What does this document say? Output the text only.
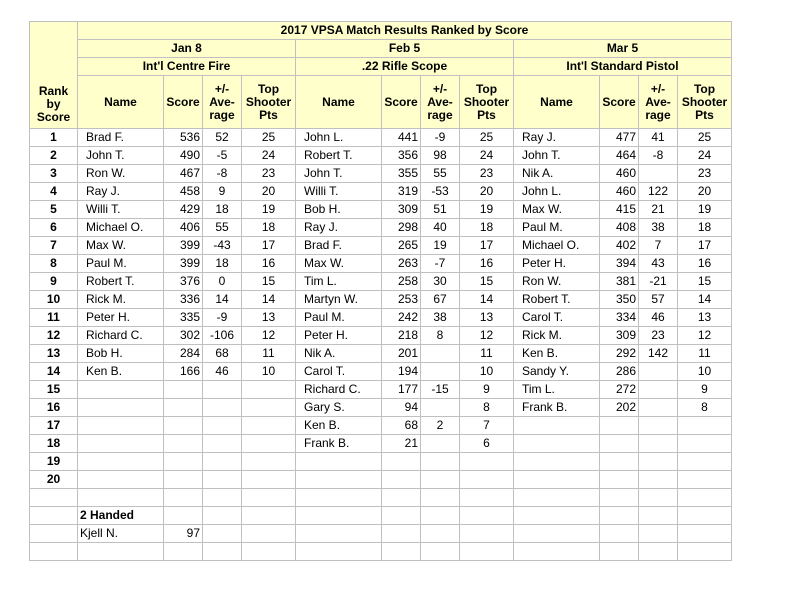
Rank by Score	2017 VPSA Match Results Ranked by Score											
	Jan 8				Feb 5				Mar 5			
	Int'l Centre Fire				.22 Rifle Scope				Int'l Standard Pistol			
	Name	Score	+/- Ave-rage	Top Shooter Pts	Name	Score	+/- Ave-rage	Top Shooter Pts	Name	Score	+/- Ave-rage	Top Shooter Pts
1	Brad F.	536	52	25	John L.	441	-9	25	Ray J.	477	41	25
2	John T.	490	-5	24	Robert T.	356	98	24	John T.	464	-8	24
3	Ron W.	467	-8	23	John T.	355	55	23	Nik A.	460		23
4	Ray J.	458	9	20	Willi T.	319	-53	20	John L.	460	122	20
5	Willi T.	429	18	19	Bob H.	309	51	19	Max W.	415	21	19
6	Michael O.	406	55	18	Ray J.	298	40	18	Paul M.	408	38	18
7	Max W.	399	-43	17	Brad F.	265	19	17	Michael O.	402	7	17
8	Paul M.	399	18	16	Max W.	263	-7	16	Peter H.	394	43	16
9	Robert T.	376	0	15	Tim L.	258	30	15	Ron W.	381	-21	15
10	Rick M.	336	14	14	Martyn W.	253	67	14	Robert T.	350	57	14
11	Peter H.	335	-9	13	Paul M.	242	38	13	Carol T.	334	46	13
12	Richard C.	302	-106	12	Peter H.	218	8	12	Rick M.	309	23	12
13	Bob H.	284	68	11	Nik A.	201		11	Ken B.	292	142	11
14	Ken B.	166	46	10	Carol T.	194		10	Sandy Y.	286		10
15					Richard C.	177	-15	9	Tim L.	272		9
16					Gary S.	94		8	Frank B.	202		8
17					Ken B.	68	2	7				
18					Frank B.	21		6				
19												
20												

	2 Handed											
	Kjell N.	97										
